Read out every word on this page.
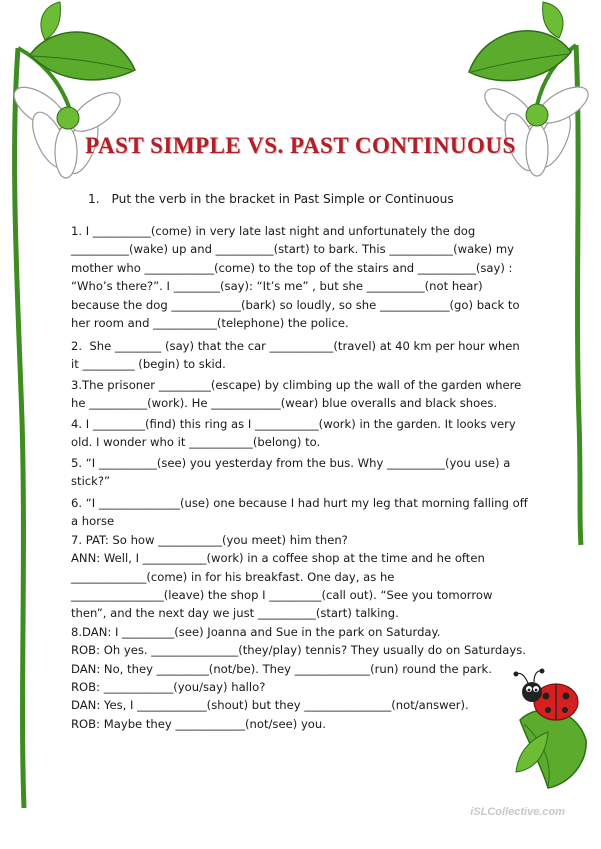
PAST SIMPLE VS. PAST CONTINUOUS
1. Put the verb in the bracket in Past Simple or Continuous

1. I __________(come) in very late last night and unfortunately the dog

__________(wake) up and __________(start) to bark. This ___________(wake) my

mother who ____________(come) to the top of the stairs and __________(say) :

“Who’s there?”. I ________(say): “It’s me” , but she __________(not hear)

because the dog ____________(bark) so loudly, so she ____________(go) back to

her room and ___________(telephone) the police.

2.  She ________ (say) that the car ___________(travel) at 40 km per hour when

it _________ (begin) to skid.

3.The prisoner _________(escape) by climbing up the wall of the garden where

he __________(work). He ____________(wear) blue overalls and black shoes.

4. I _________(find) this ring as I ___________(work) in the garden. It looks very

old. I wonder who it ___________(belong) to.

5. “I __________(see) you yesterday from the bus. Why __________(you use) a

stick?”

6. “I ______________(use) one because I had hurt my leg that morning falling off

a horse

7. PAT: So how ___________(you meet) him then?

ANN: Well, I ___________(work) in a coffee shop at the time and he often

_____________(come) in for his breakfast. One day, as he

________________(leave) the shop I _________(call out). “See you tomorrow

then”, and the next day we just __________(start) talking.

8.DAN: I _________(see) Joanna and Sue in the park on Saturday.

ROB: Oh yes. _______________(they/play) tennis? They usually do on Saturdays.

DAN: No, they _________(not/be). They _____________(run) round the park.

ROB: ____________(you/say) hallo?

DAN: Yes, I ____________(shout) but they _______________(not/answer).

ROB: Maybe they ____________(not/see) you.

iSLCollective.com
